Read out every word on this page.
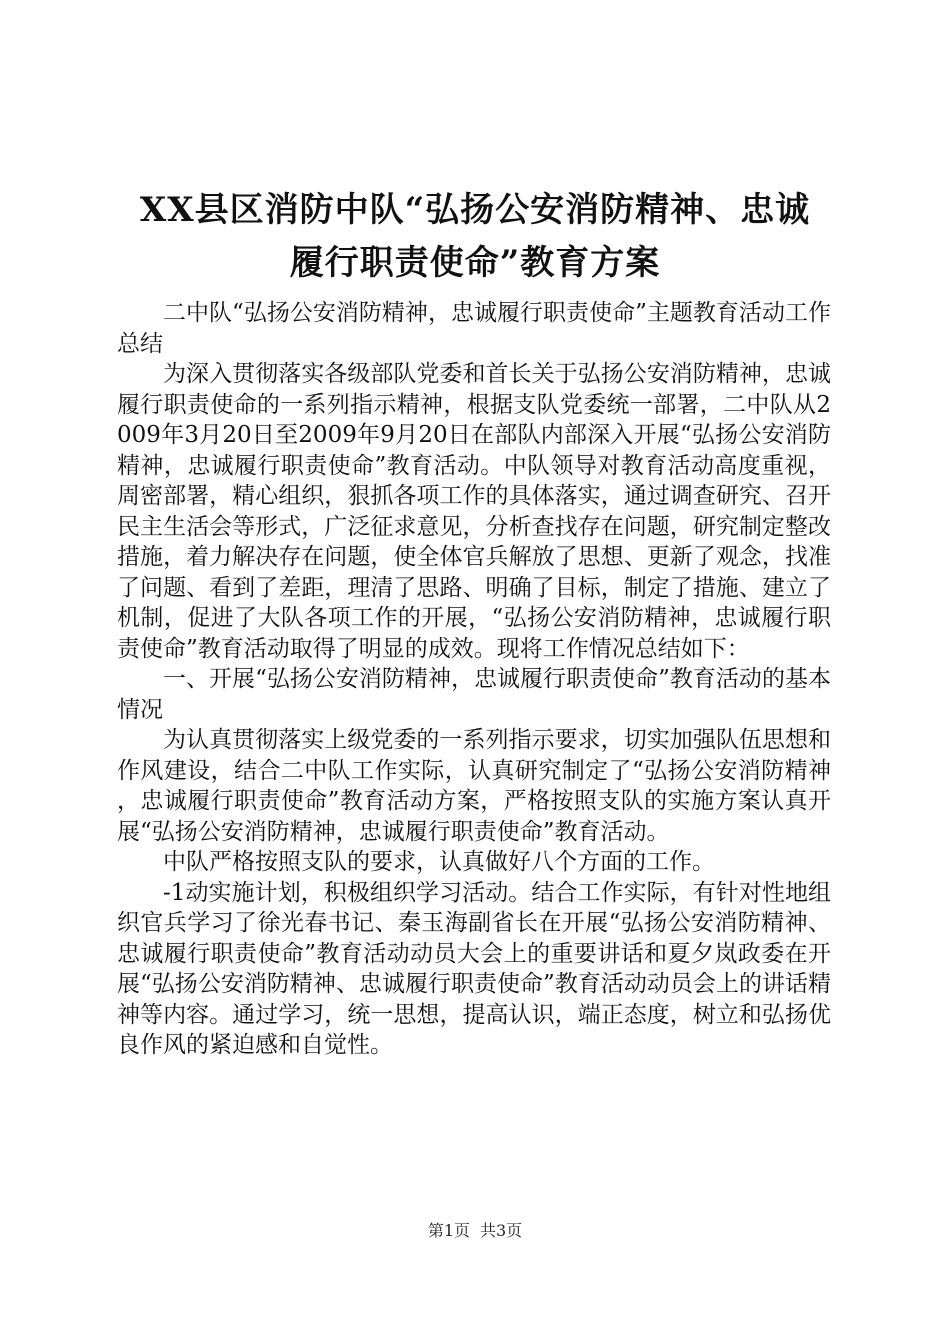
XX县区消防中队“弘扬公安消防精神、忠诚
履行职责使命”教育方案

二中队“弘扬公安消防精神，忠诚履行职责使命”主题教育活动工作总结

为深入贯彻落实各级部队党委和首长关于弘扬公安消防精神，忠诚履行职责使命的一系列指示精神，根据支队党委统一部署，二中队从2009年3月20日至2009年9月20日在部队内部深入开展“弘扬公安消防精神，忠诚履行职责使命”教育活动。中队领导对教育活动高度重视，周密部署，精心组织，狠抓各项工作的具体落实，通过调查研究、召开民主生活会等形式，广泛征求意见，分析查找存在问题，研究制定整改措施，着力解决存在问题，使全体官兵解放了思想、更新了观念，找准了问题、看到了差距，理清了思路、明确了目标，制定了措施、建立了机制，促进了大队各项工作的开展，“弘扬公安消防精神，忠诚履行职责使命”教育活动取得了明显的成效。现将工作情况总结如下：

一、开展“弘扬公安消防精神，忠诚履行职责使命”教育活动的基本情况

为认真贯彻落实上级党委的一系列指示要求，切实加强队伍思想和作风建设，结合二中队工作实际，认真研究制定了“弘扬公安消防精神，忠诚履行职责使命”教育活动方案，严格按照支队的实施方案认真开展“弘扬公安消防精神，忠诚履行职责使命”教育活动。

中队严格按照支队的要求，认真做好八个方面的工作。

-1动实施计划，积极组织学习活动。结合工作实际，有针对性地组织官兵学习了徐光春书记、秦玉海副省长在开展“弘扬公安消防精神、忠诚履行职责使命”教育活动动员大会上的重要讲话和夏夕岚政委在开展“弘扬公安消防精神、忠诚履行职责使命”教育活动动员会上的讲话精神等内容。通过学习，统一思想，提高认识，端正态度，树立和弘扬优良作风的紧迫感和自觉性。

第1页 共3页
